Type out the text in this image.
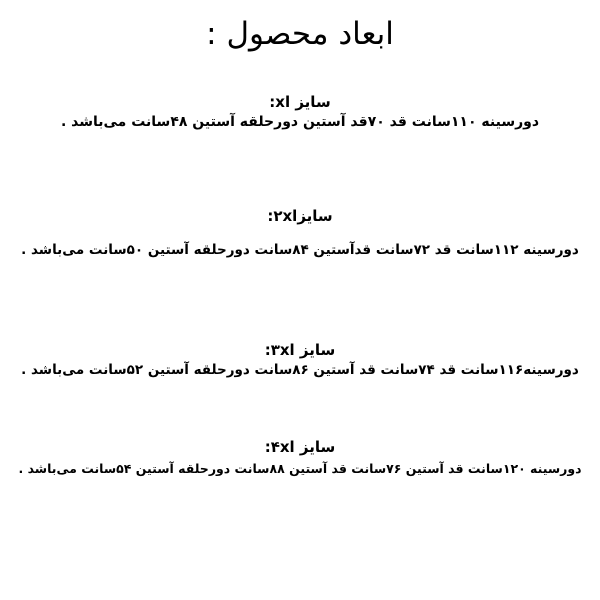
ابعاد محصول :
سایز xl:
دورسینه ۱۱۰سانت قد ۷۰قد آستین دورحلقه آستین ۴۸سانت می‌باشد .
سایز۲xl:
دورسینه ۱۱۲سانت قد ۷۲سانت قدآستین ۸۴سانت دورحلقه آستین ۵۰سانت می‌باشد .
سایز ۳xl:
دورسینه۱۱۶سانت قد ۷۴سانت قد آستین ۸۶سانت دورحلقه آستین ۵۲سانت می‌باشد .
سایز ۴xl:
دورسینه ۱۲۰سانت قد آستین ۷۶سانت قد آستین ۸۸سانت دورحلقه آستین ۵۴سانت می‌باشد .
